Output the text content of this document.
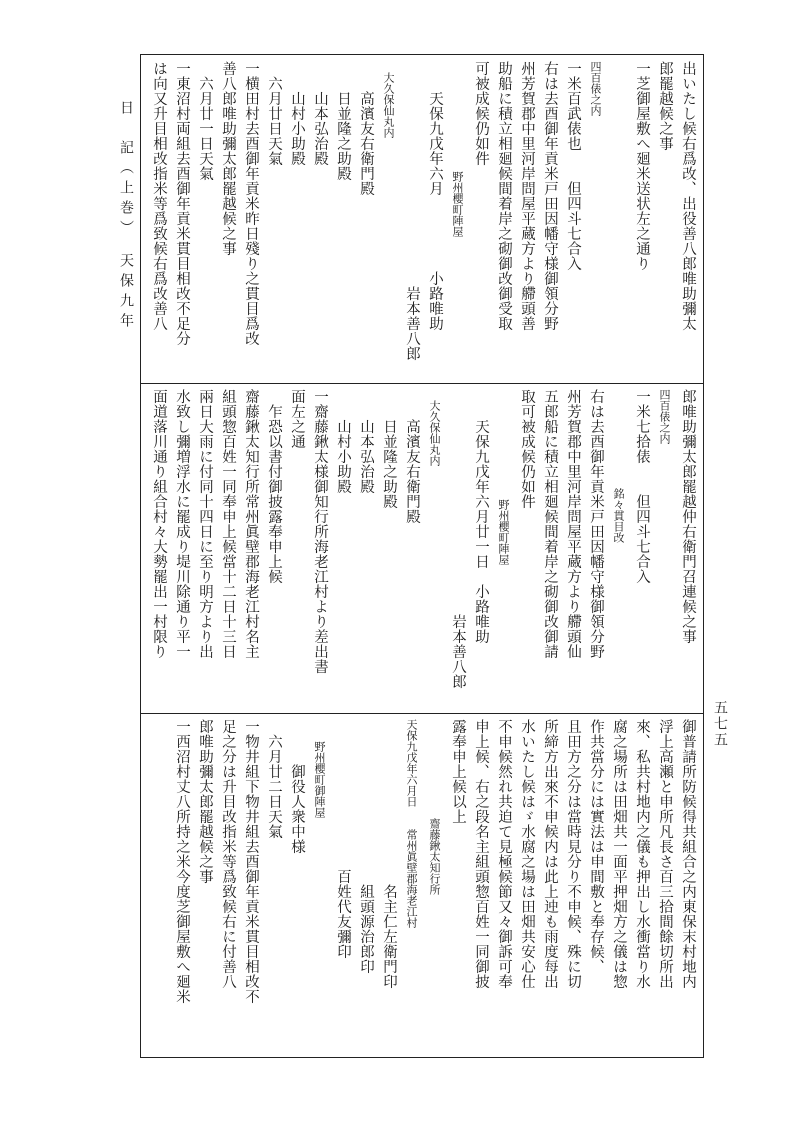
日　記（上巻）　天保九年
五七五
出いたし候右爲改、出役善八郎唯助彌太
郎罷越候之事
一芝御屋敷へ廻米送状左之通り
四百俵之内
一米百武俵也　　但四斗七合入
右は去酉御年貢米戸田因幡守様御領分野
州芳賀郡中里河岸問屋平蔵方より艜頭善
助船に積立相廻候間着岸之砌御改御受取
可被成候仍如件
　　　　　　　　　　野州櫻町陣屋
　　天保九戊年六月　　　　　小路唯助
　　　　　　　　　　　　　　　岩本善八郎
　大久保仙丸内
　　高濱友右衛門殿
　　日並隆之助殿
　　山本弘治殿
　　山村小助殿
　六月廿日天氣
一横田村去酉御年貢米昨日殘り之貫目爲改
善八郎唯助彌太郎罷越候之事
　六月廿一日天氣
一東沼村両組去酉御年貢米貫目相改不足分
は向又升目相改指米等爲致候右爲改善八
郎唯助彌太郎罷越仲右衛門召連候之事
四百俵之内
一米七拾俵　　但四斗七合入
　　　　　　　　　銘々貫目改
右は去酉御年貢米戸田因幡守様御領分野
州芳賀郡中里河岸問屋平蔵方より艜頭仙
五郎船に積立相廻候間着岸之砌御改御請
取可被成候仍如件
　　　　　　　　　　野州櫻町陣屋
　　天保九戊年六月廿一日　小路唯助
　　　　　　　　　　　　　　　岩本善八郎
　大久保仙丸内
　　高濱友右衛門殿
　　日並隆之助殿
　　山本弘治殿
　　山村小助殿
一齋藤鍬太様御知行所海老江村より差出書
面左之通
　乍恐以書付御披露奉申上候
齋藤鍬太知行所常州眞壁郡海老江村名主
組頭惣百姓一同奉申上候當十二日十三日
兩日大雨に付同十四日に至り明方より出
水致し彌増浮水に罷成り堤川除通り平一
面道落川通り組合村々大勢罷出一村限り
御普請所防候得共組合之内東保末村地内
浮上高瀬と申所凡長さ百三拾間餘切所出
來、私共村地内之儀も押出し水衝當り水
腐之場所は田畑共一面平押畑方之儀は惣
作共當分には實法は申間敷と奉存候、
且田方之分は當時見分り不申候、殊に切
所締方出來不申候内は此上迚も雨度每出
水いたし候はゞ水腐之場は田畑共安心仕
不申候然れ共迫て見極候節又々御訴可奉
申上候、右之段名主組頭惣百姓一同御披
露奉申上候以上
　　　　　　　　　齋藤鍬太知行所
天保九戊年六月日　　常州眞壁郡海老江村
　　　　　　　　　　　名主仁左衛門印
　　　　　　　　　　　組頭源治郎印
　　　　　　　　　　百姓代友彌印
　　野州櫻町御陣屋
　　　御役人衆中様
　六月廿二日天氣
一物井組下物井組去酉御年貢米貫目相改不
足之分は升目改指米等爲致候右に付善八
郎唯助彌太郎罷越候之事
一西沼村丈八所持之米今度芝御屋敷へ廻米
